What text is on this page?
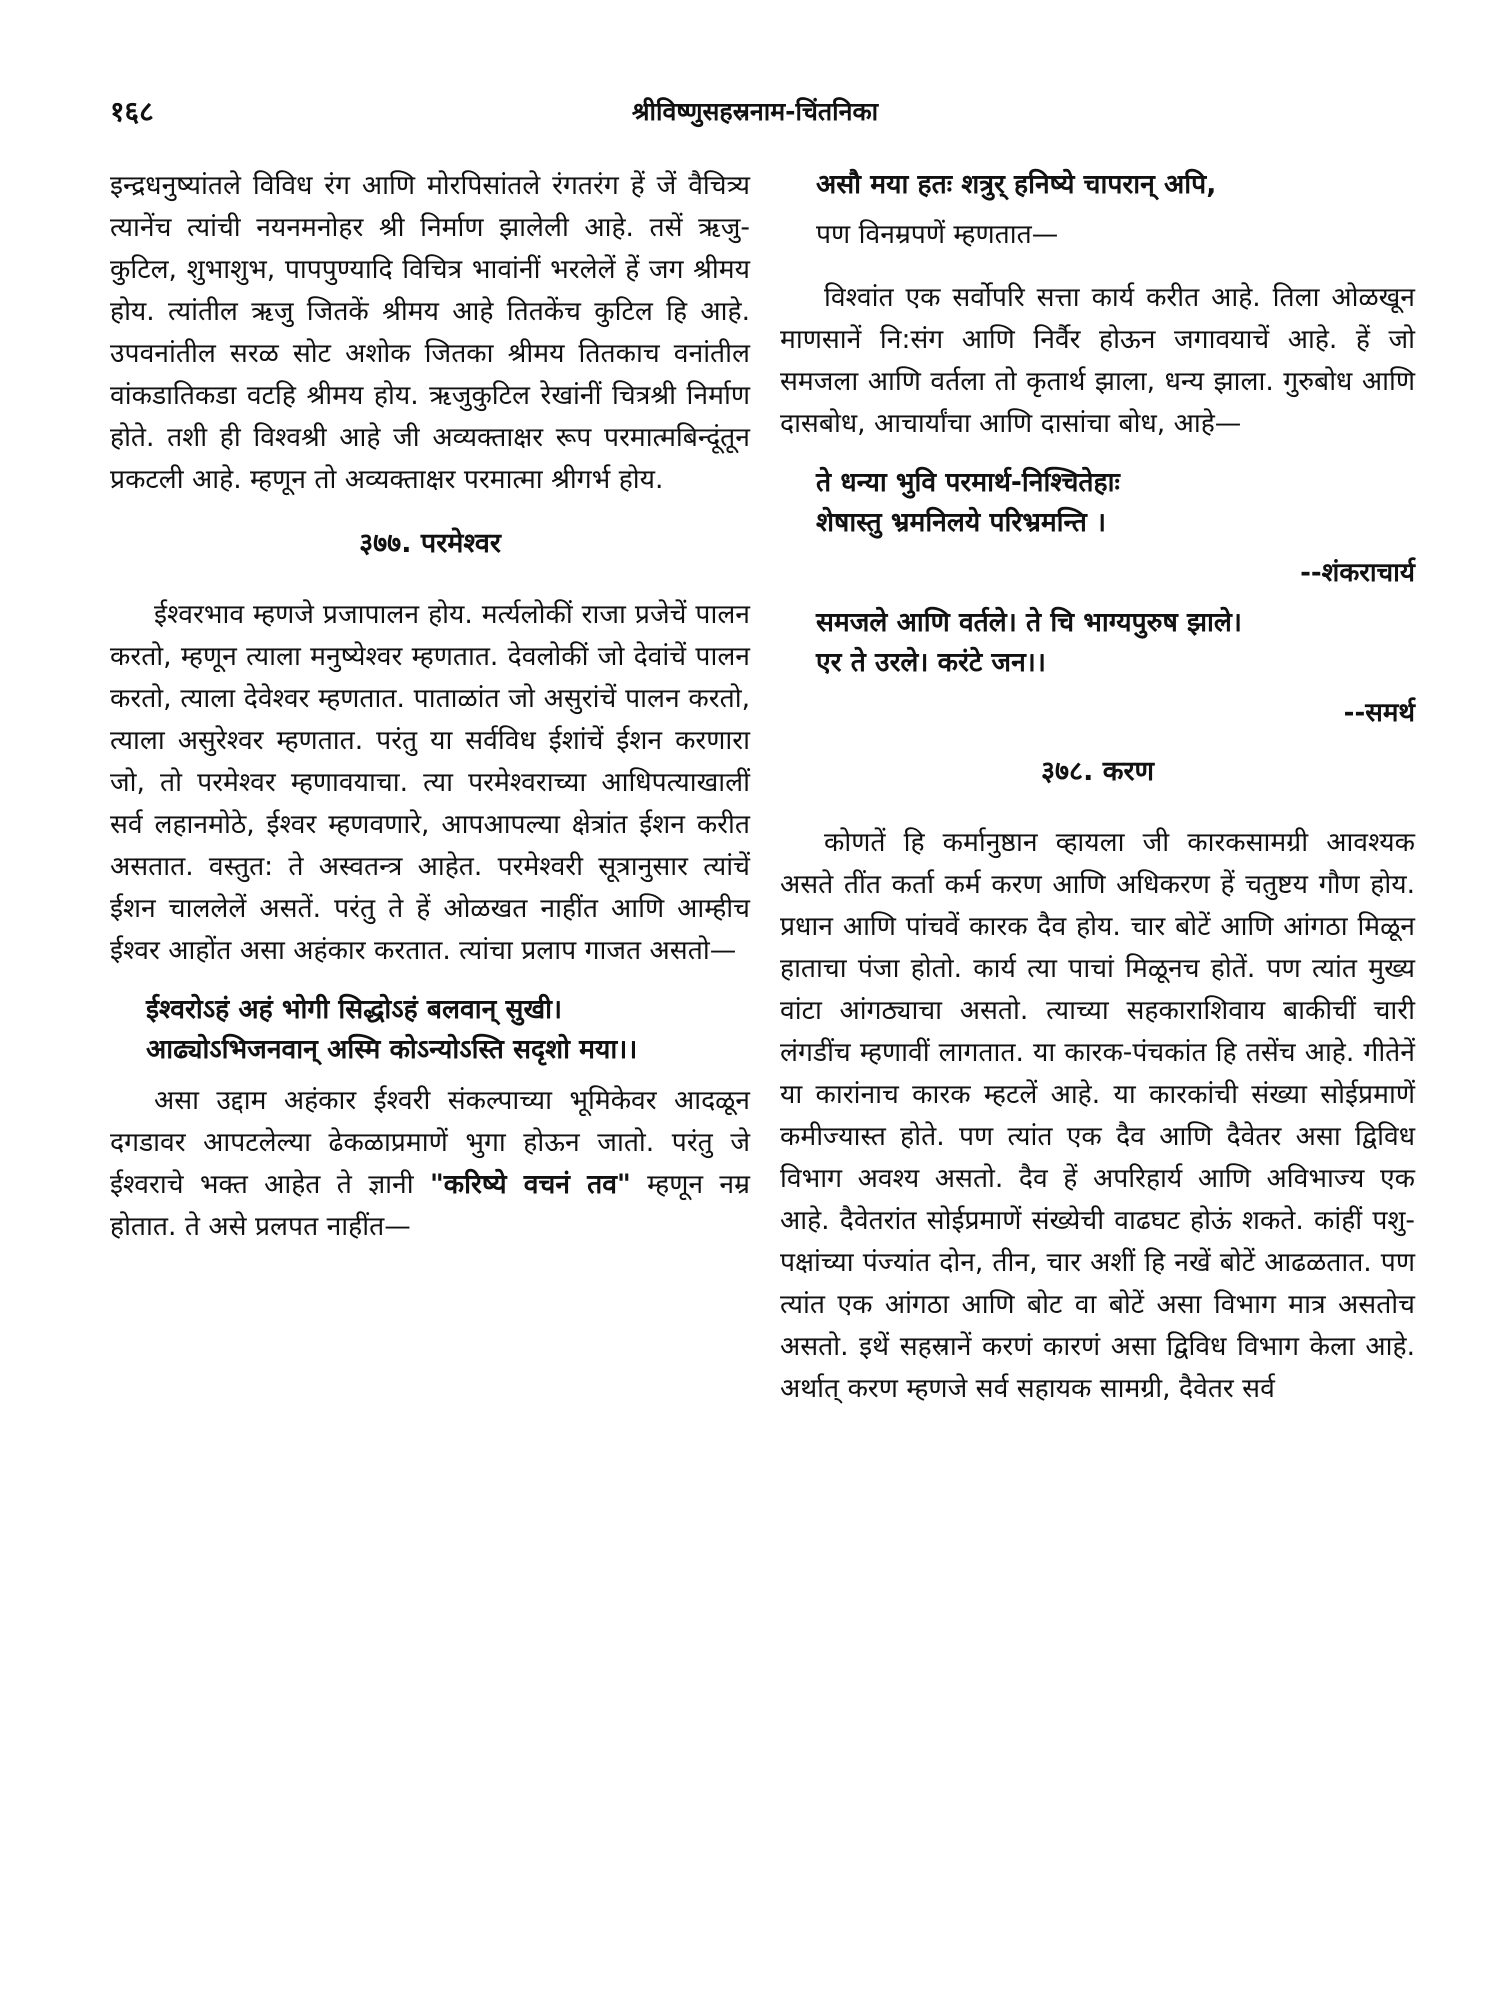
१६८	श्रीविष्णुसहस्रनाम-चिंतनिका

इन्द्रधनुष्यांतले विविध रंग आणि मोरपिसांतले रंगतरंग हें जें वैचित्र्य त्यानेंच त्यांची नयनमनोहर श्री निर्माण झालेली आहे. तसें ऋजु-कुटिल, शुभाशुभ, पापपुण्यादि विचित्र भावांनीं भरलेलें हें जग श्रीमय होय. त्यांतील ऋजु जितकें श्रीमय आहे तितकेंच कुटिल हि आहे. उपवनांतील सरळ सोट अशोक जितका श्रीमय तितकाच वनांतील वांकडातिकडा वटहि श्रीमय होय. ऋजुकुटिल रेखांनीं चित्रश्री निर्माण होते. तशी ही विश्वश्री आहे जी अव्यक्ताक्षर रूप परमात्मबिन्दूंतून प्रकटली आहे. म्हणून तो अव्यक्ताक्षर परमात्मा श्रीगर्भ होय.

३७७. परमेश्वर

ईश्वरभाव म्हणजे प्रजापालन होय. मर्त्यलोकीं राजा प्रजेचें पालन करतो, म्हणून त्याला मनुष्येश्वर म्हणतात. देवलोकीं जो देवांचें पालन करतो, त्याला देवेश्वर म्हणतात. पाताळांत जो असुरांचें पालन करतो, त्याला असुरेश्वर म्हणतात. परंतु या सर्वविध ईशांचें ईशन करणारा जो, तो परमेश्वर म्हणावयाचा. त्या परमेश्वराच्या आधिपत्याखालीं सर्व लहानमोठे, ईश्वर म्हणवणारे, आपआपल्या क्षेत्रांत ईशन करीत असतात. वस्तुत: ते अस्वतन्त्र आहेत. परमेश्वरी सूत्रानुसार त्यांचें ईशन चाललेलें असतें. परंतु ते हें ओळखत नाहींत आणि आम्हीच ईश्वर आहोंत असा अहंकार करतात. त्यांचा प्रलाप गाजत असतो—

ईश्वरोऽहं अहं भोगी सिद्धोऽहं बलवान् सुखी।
आढ्योऽभिजनवान् अस्मि कोऽन्योऽस्ति सदृशो मया।।

असा उद्दाम अहंकार ईश्वरी संकल्पाच्या भूमिकेवर आदळून दगडावर आपटलेल्या ढेकळाप्रमाणें भुगा होऊन जातो. परंतु जे ईश्वराचे भक्त आहेत ते ज्ञानी "करिष्ये वचनं तव" म्हणून नम्र होतात. ते असे प्रलपत नाहींत—

असौ मया हतः शत्रुर् हनिष्ये चापरान् अपि,
पण विनम्रपणें म्हणतात—

विश्वांत एक सर्वोपरि सत्ता कार्य करीत आहे. तिला ओळखून माणसानें नि:संग आणि निर्वैर होऊन जगावयाचें आहे. हें जो समजला आणि वर्तला तो कृतार्थ झाला, धन्य झाला. गुरुबोध आणि दासबोध, आचार्यांचा आणि दासांचा बोध, आहे—

ते धन्या भुवि परमार्थ-निश्चितेहाः
शेषास्तु भ्रमनिलये परिभ्रमन्ति ।
--शंकराचार्य
समजले आणि वर्तले। ते चि भाग्यपुरुष झाले।
एर ते उरले। करंटे जन।।
--समर्थ
३७८. करण

कोणतें हि कर्मानुष्ठान व्हायला जी कारकसामग्री आवश्यक असते तींत कर्ता कर्म करण आणि अधिकरण हें चतुष्टय गौण होय. प्रधान आणि पांचवें कारक दैव होय. चार बोटें आणि आंगठा मिळून हाताचा पंजा होतो. कार्य त्या पाचां मिळूनच होतें. पण त्यांत मुख्य वांटा आंगठ्याचा असतो. त्याच्या सहकाराशिवाय बाकीचीं चारी लंगडींच म्हणावीं लागतात. या कारक-पंचकांत हि तसेंच आहे. गीतेनें या कारांनाच कारक म्हटलें आहे. या कारकांची संख्या सोईप्रमाणें कमीज्यास्त होते. पण त्यांत एक दैव आणि दैवेतर असा द्विविध विभाग अवश्य असतो. दैव हें अपरिहार्य आणि अविभाज्य एक आहे. दैवेतरांत सोईप्रमाणें संख्येची वाढघट होऊं शकते. कांहीं पशु- पक्षांच्या पंज्यांत दोन, तीन, चार अशीं हि नखें बोटें आढळतात. पण त्यांत एक आंगठा आणि बोट वा बोटें असा विभाग मात्र असतोच असतो. इथें सहस्रानें करणं कारणं असा द्विविध विभाग केला आहे. अर्थात् करण म्हणजे सर्व सहायक सामग्री, दैवेतर सर्व
